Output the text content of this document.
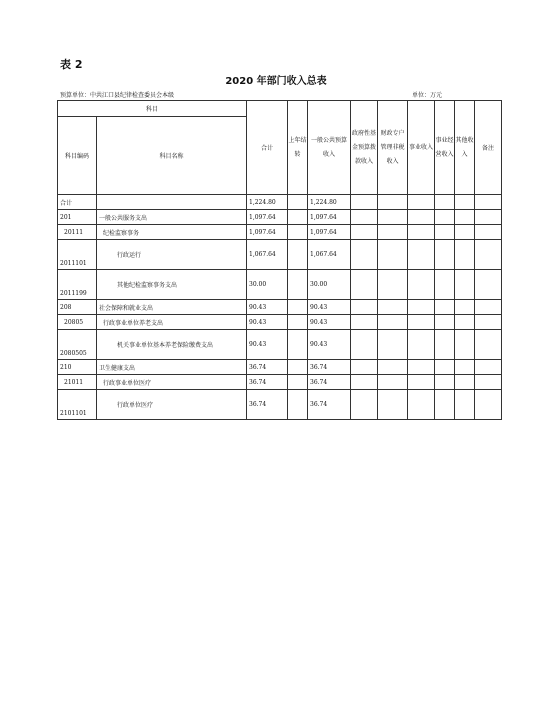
表 2
2020 年部门收入总表
预算单位：中共江口县纪律检查委员会本级	单位：万元
科目		合计	上年结转	一般公共预算收入	政府性基金预算拨款收入	财政专户管理非税收入	事业收入	事业经营收入	其他收入	备注
科目编码	科目名称									
合计		1,224.80		1,224.80						
201	一般公共服务支出	1,097.64		1,097.64						
20111	纪检监察事务	1,097.64		1,097.64						
2011101	行政运行	1,067.64		1,067.64						
2011199	其他纪检监察事务支出	30.00		30.00						
208	社会保障和就业支出	90.43		90.43						
20805	行政事业单位养老支出	90.43		90.43						
2080505	机关事业单位基本养老保险缴费支出	90.43		90.43						
210	卫生健康支出	36.74		36.74						
21011	行政事业单位医疗	36.74		36.74						
2101101	行政单位医疗	36.74		36.74						
